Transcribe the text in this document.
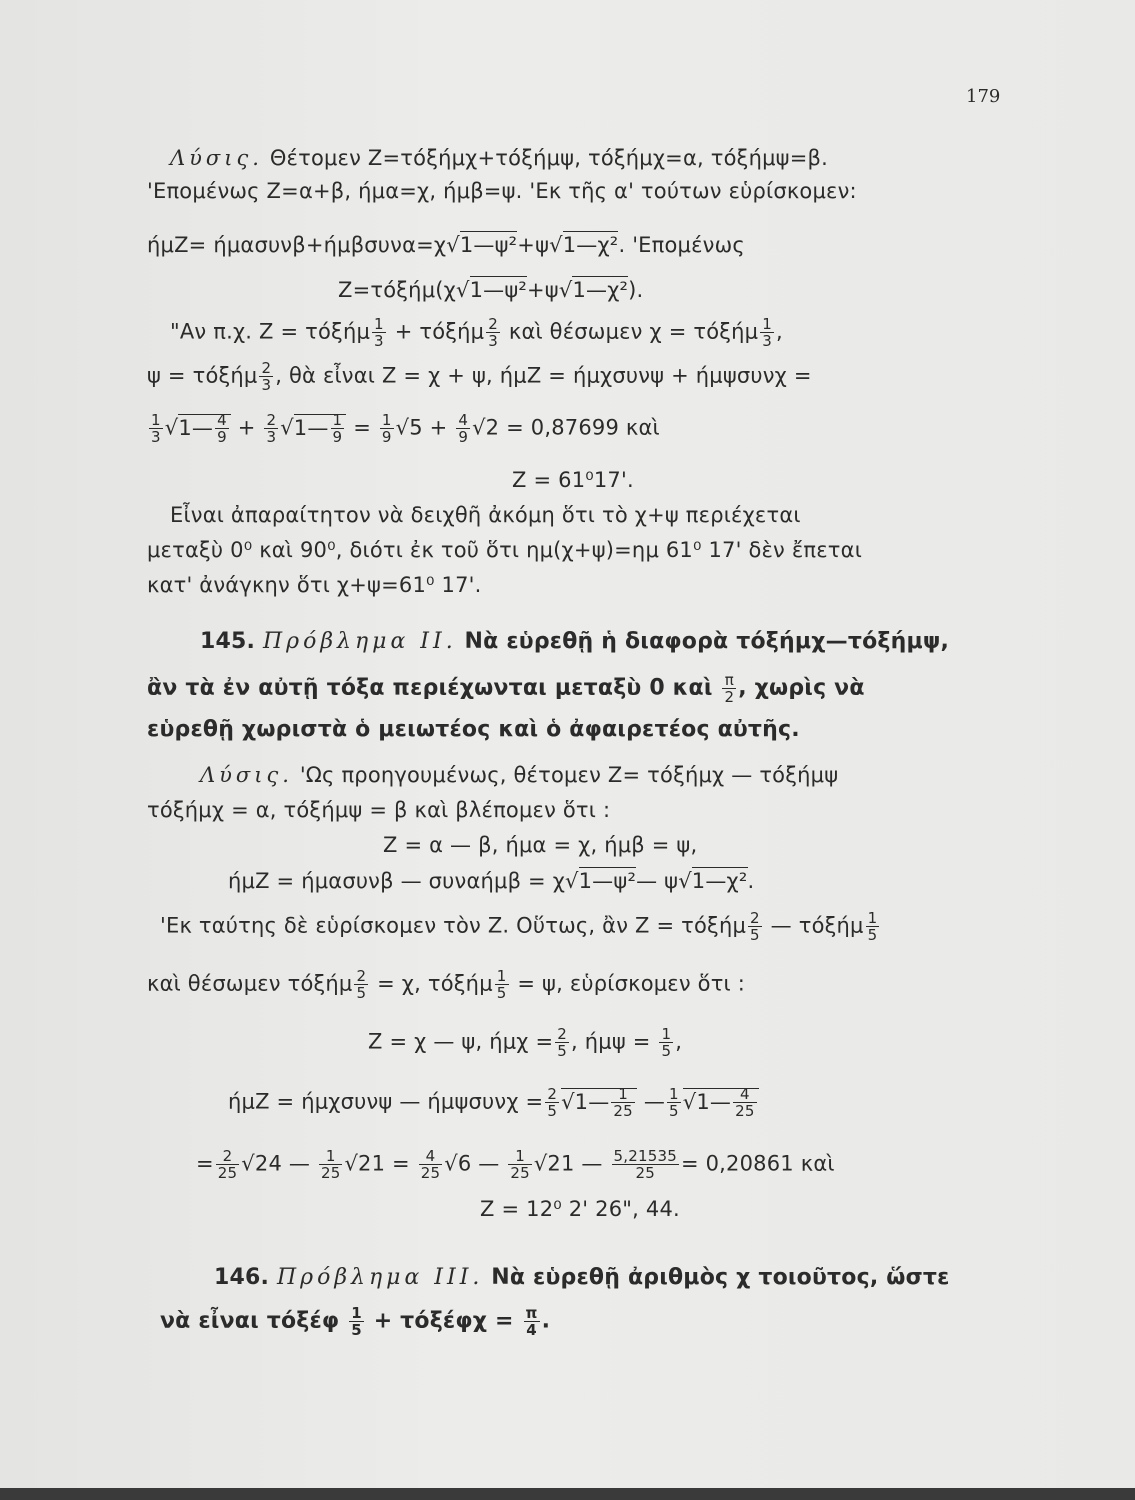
179
Λύσις. Θέτομεν Ζ=τόξήμχ+τόξήμψ, τόξήμχ=α, τόξήμψ=β.
'Επομένως Ζ=α+β, ήμα=χ, ήμβ=ψ. 'Εκ τῆς α' τούτων εὑρίσκομεν:
ήμΖ= ήμασυνβ+ήμβσυνα=χ√1—ψ²+ψ√1—χ². 'Επομένως
Ζ=τόξήμ(χ√1—ψ²+ψ√1—χ²).
"Αν π.χ. Ζ = τόξήμ $\frac{1}{3} + \tau ό\xi ή\mu \frac{2}{3}$ καὶ θέσωμεν χ = τόξήμ $\frac{1}{3}$ ,
ψ = τόξήμ $\frac{2}{3}$ , θὰ εἶναι Ζ = χ + ψ, ήμΖ = ήμχσυνψ + ήμψσυνχ =
$\frac{1}{3}$ √1— $\frac{4}{9} + \frac{2}{3}$ √1— $\frac{1}{9} = \frac{1}{9} √5 + \frac{4}{9} √2 = 0,87699$ καὶ
Ζ = 61⁰17'.
Εἶναι ἀπαραίτητον νὰ δειχθῆ ἀκόμη ὅτι τὸ χ+ψ περιέχεται
μεταξὺ 0⁰ καὶ 90⁰, διότι ἐκ τοῦ ὅτι ημ(χ+ψ)=ημ 61⁰ 17' δὲν ἔπεται
κατ' ἀνάγκην ὅτι χ+ψ=61⁰ 17'.
145. Πρόβλημα ΙΙ. Νὰ εὑρεθῇ ἡ διαφορὰ τόξήμχ—τόξήμψ,
ἂν τὰ ἐν αὐτῇ τόξα περιέχωνται μεταξὺ 0 καὶ $\frac{\pi}{2}$ , χωρὶς νὰ
εὑρεθῇ χωριστὰ ὁ μειωτέος καὶ ὁ ἀφαιρετέος αὐτῆς.
Λύσις. 'Ως προηγουμένως, θέτομεν Ζ= τόξήμχ — τόξήμψ
τόξήμχ = α, τόξήμψ = β καὶ βλέπομεν ὅτι :
Ζ = α — β, ήμα = χ, ήμβ = ψ,
ήμΖ = ήμασυνβ — συναήμβ = χ√1—ψ²— ψ√1—χ².
'Εκ ταύτης δὲ εὑρίσκομεν τὸν Ζ. Οὕτως, ἂν Ζ = τόξήμ $\frac{2}{5}$ — τόξήμ $\frac{1}{5}$
καὶ θέσωμεν τόξήμ $\frac{2}{5} = \chi$, τόξήμ $\frac{1}{5} = \psi$, εὑρίσκομεν ὅτι :
Ζ = χ — ψ, $ή\mu\chi = \frac{2}{5}$ , $ή\mu\psi = \frac{1}{5}$ ,
ήμΖ = ήμχσυνψ — $ή\mu\psi\sigma\upsilon\nu\chi = \frac{2}{5}$ √1— $\frac{1}{25}$ — $\frac{1}{5}$ √1— $\frac{4}{25}$
= $\frac{2}{25} √24$ — $\frac{1}{25} √21 = \frac{4}{25} √6$ — $\frac{1}{25} √21$ — $\frac{5,21535}{25} = 0,20861$ καὶ
Ζ = 12⁰ 2' 26", 44.
146. Πρόβλημα ΙΙΙ. Νὰ εὑρεθῇ ἀριθμὸς χ τοιοῦτος, ὥστε
νὰ εἶναι τόξέφ $\frac{1}{5} + \tau ό\xi έ\varphi\chi = \frac{\pi}{4}$ .
